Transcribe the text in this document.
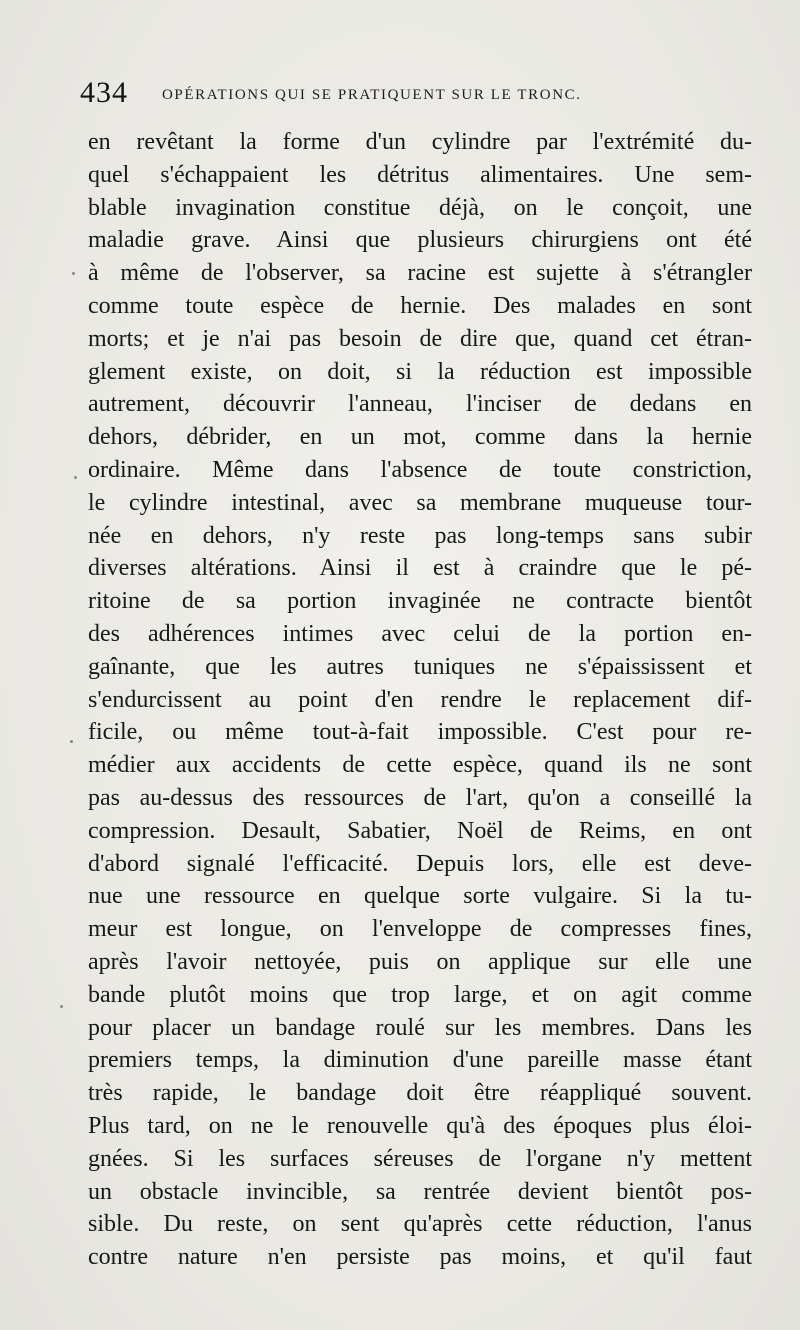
434 OPÉRATIONS QUI SE PRATIQUENT SUR LE TRONC.
en revêtant la forme d'un cylindre par l'extrémité du-
quel s'échappaient les détritus alimentaires. Une sem-
blable invagination constitue déjà, on le conçoit, une
maladie grave. Ainsi que plusieurs chirurgiens ont été
à même de l'observer, sa racine est sujette à s'étrangler
comme toute espèce de hernie. Des malades en sont
morts; et je n'ai pas besoin de dire que, quand cet étran-
glement existe, on doit, si la réduction est impossible
autrement, découvrir l'anneau, l'inciser de dedans en
dehors, débrider, en un mot, comme dans la hernie
ordinaire. Même dans l'absence de toute constriction,
le cylindre intestinal, avec sa membrane muqueuse tour-
née en dehors, n'y reste pas long-temps sans subir
diverses altérations. Ainsi il est à craindre que le pé-
ritoine de sa portion invaginée ne contracte bientôt
des adhérences intimes avec celui de la portion en-
gaînante, que les autres tuniques ne s'épaississent et
s'endurcissent au point d'en rendre le replacement dif-
ficile, ou même tout-à-fait impossible. C'est pour re-
médier aux accidents de cette espèce, quand ils ne sont
pas au-dessus des ressources de l'art, qu'on a conseillé la
compression. Desault, Sabatier, Noël de Reims, en ont
d'abord signalé l'efficacité. Depuis lors, elle est deve-
nue une ressource en quelque sorte vulgaire. Si la tu-
meur est longue, on l'enveloppe de compresses fines,
après l'avoir nettoyée, puis on applique sur elle une
bande plutôt moins que trop large, et on agit comme
pour placer un bandage roulé sur les membres. Dans les
premiers temps, la diminution d'une pareille masse étant
très rapide, le bandage doit être réappliqué souvent.
Plus tard, on ne le renouvelle qu'à des époques plus éloi-
gnées. Si les surfaces séreuses de l'organe n'y mettent
un obstacle invincible, sa rentrée devient bientôt pos-
sible. Du reste, on sent qu'après cette réduction, l'anus
contre nature n'en persiste pas moins, et qu'il faut
